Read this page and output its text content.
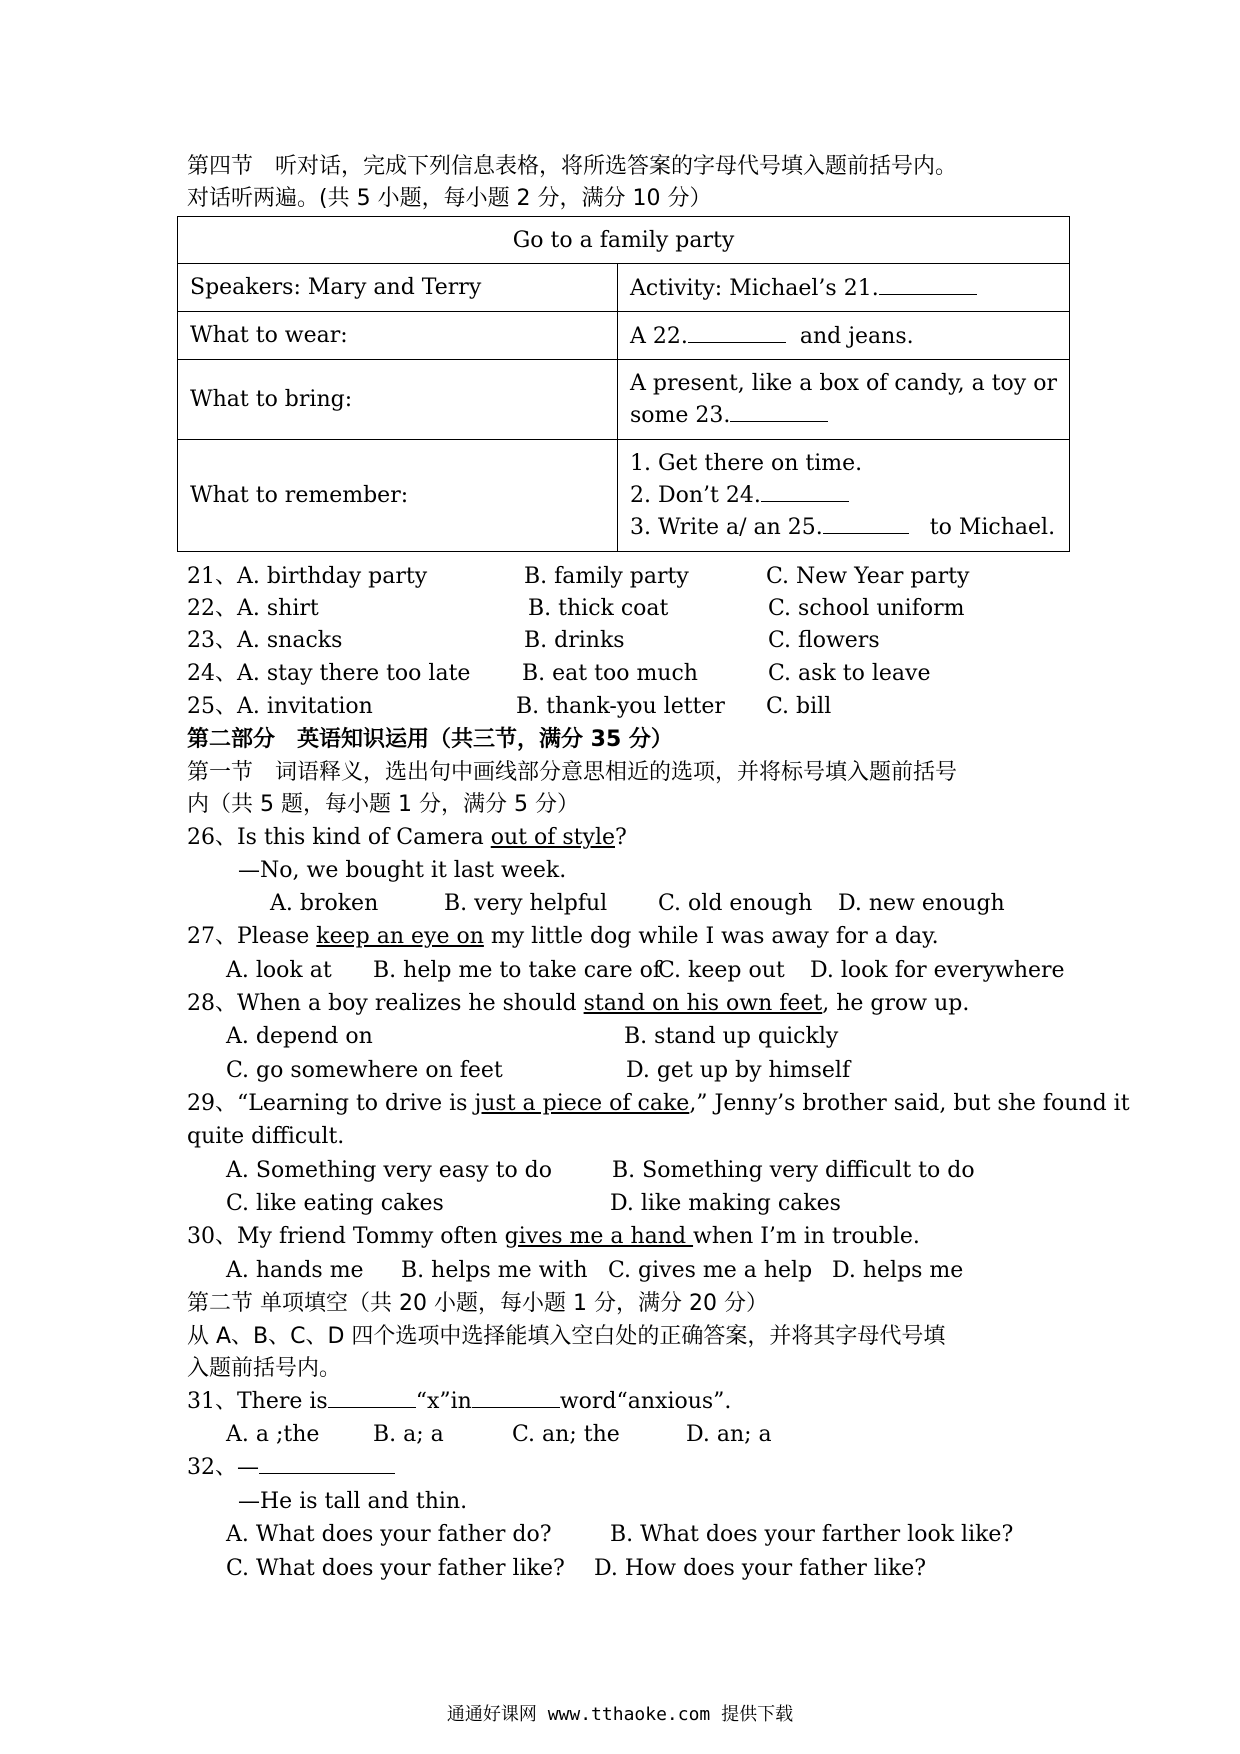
第四节　听对话，完成下列信息表格，将所选答案的字母代号填入题前括号内。
对话听两遍。(共 5 小题，每小题 2 分，满分 10 分）
Go to a family party	
Speakers: Mary and Terry	Activity: Michael’s 21.
What to wear:	A 22. and jeans.
What to bring:	A present, like a box of candy, a toy or
some 23.

What to remember:	1. Get there on time.
2. Don’t 24.
3. Write a/ an 25. to Michael.
21、A. birthday party	B. family party	C. New Year party
22、A. shirt	B. thick coat	C. school uniform
23、A. snacks	B. drinks	C. flowers
24、A. stay there too late B. eat too much	C. ask to leave
25、A. invitation	B. thank-you letter C. bill
第二部分　英语知识运用（共三节，满分 35 分）
第一节　词语释义，选出句中画线部分意思相近的选项，并将标号填入题前括号
内（共 5 题，每小题 1 分，满分 5 分）
26、Is this kind of Camera out of style?
—No, we bought it last week.
A. broken	B. very helpful C. old enough D. new enough
27、Please keep an eye on my little dog while I was away for a day.
A. look at B. help me to take care of
C. keep out D. look for everywhere
28、When a boy realizes he should stand on his own feet, he grow up.
A. depend on	B. stand up quickly
C. go somewhere on feet	D. get up by himself
29、“Learning to drive is just a piece of cake,” Jenny’s brother said, but she found it
quite difficult.
A. Something very easy to do	B. Something very difficult to do
C. like eating cakes	D. like making cakes
30、My friend Tommy often gives me a hand when I’m in trouble.
A. hands me B. helps me with C. gives me a help D. helps me
第二节 单项填空（共 20 小题，每小题 1 分，满分 20 分）
从 A、B、C、D 四个选项中选择能填入空白处的正确答案，并将其字母代号填
入题前括号内。
31、There is	“x”in	word“anxious”.
A. a ;the B. a; a	C. an; the	D. an; a
32、—
—He is tall and thin.
A. What does your father do?	B. What does your farther look like?
C. What does your father like? D. How does your father like?
通通好课网 www.tthaoke.com 提供下载
